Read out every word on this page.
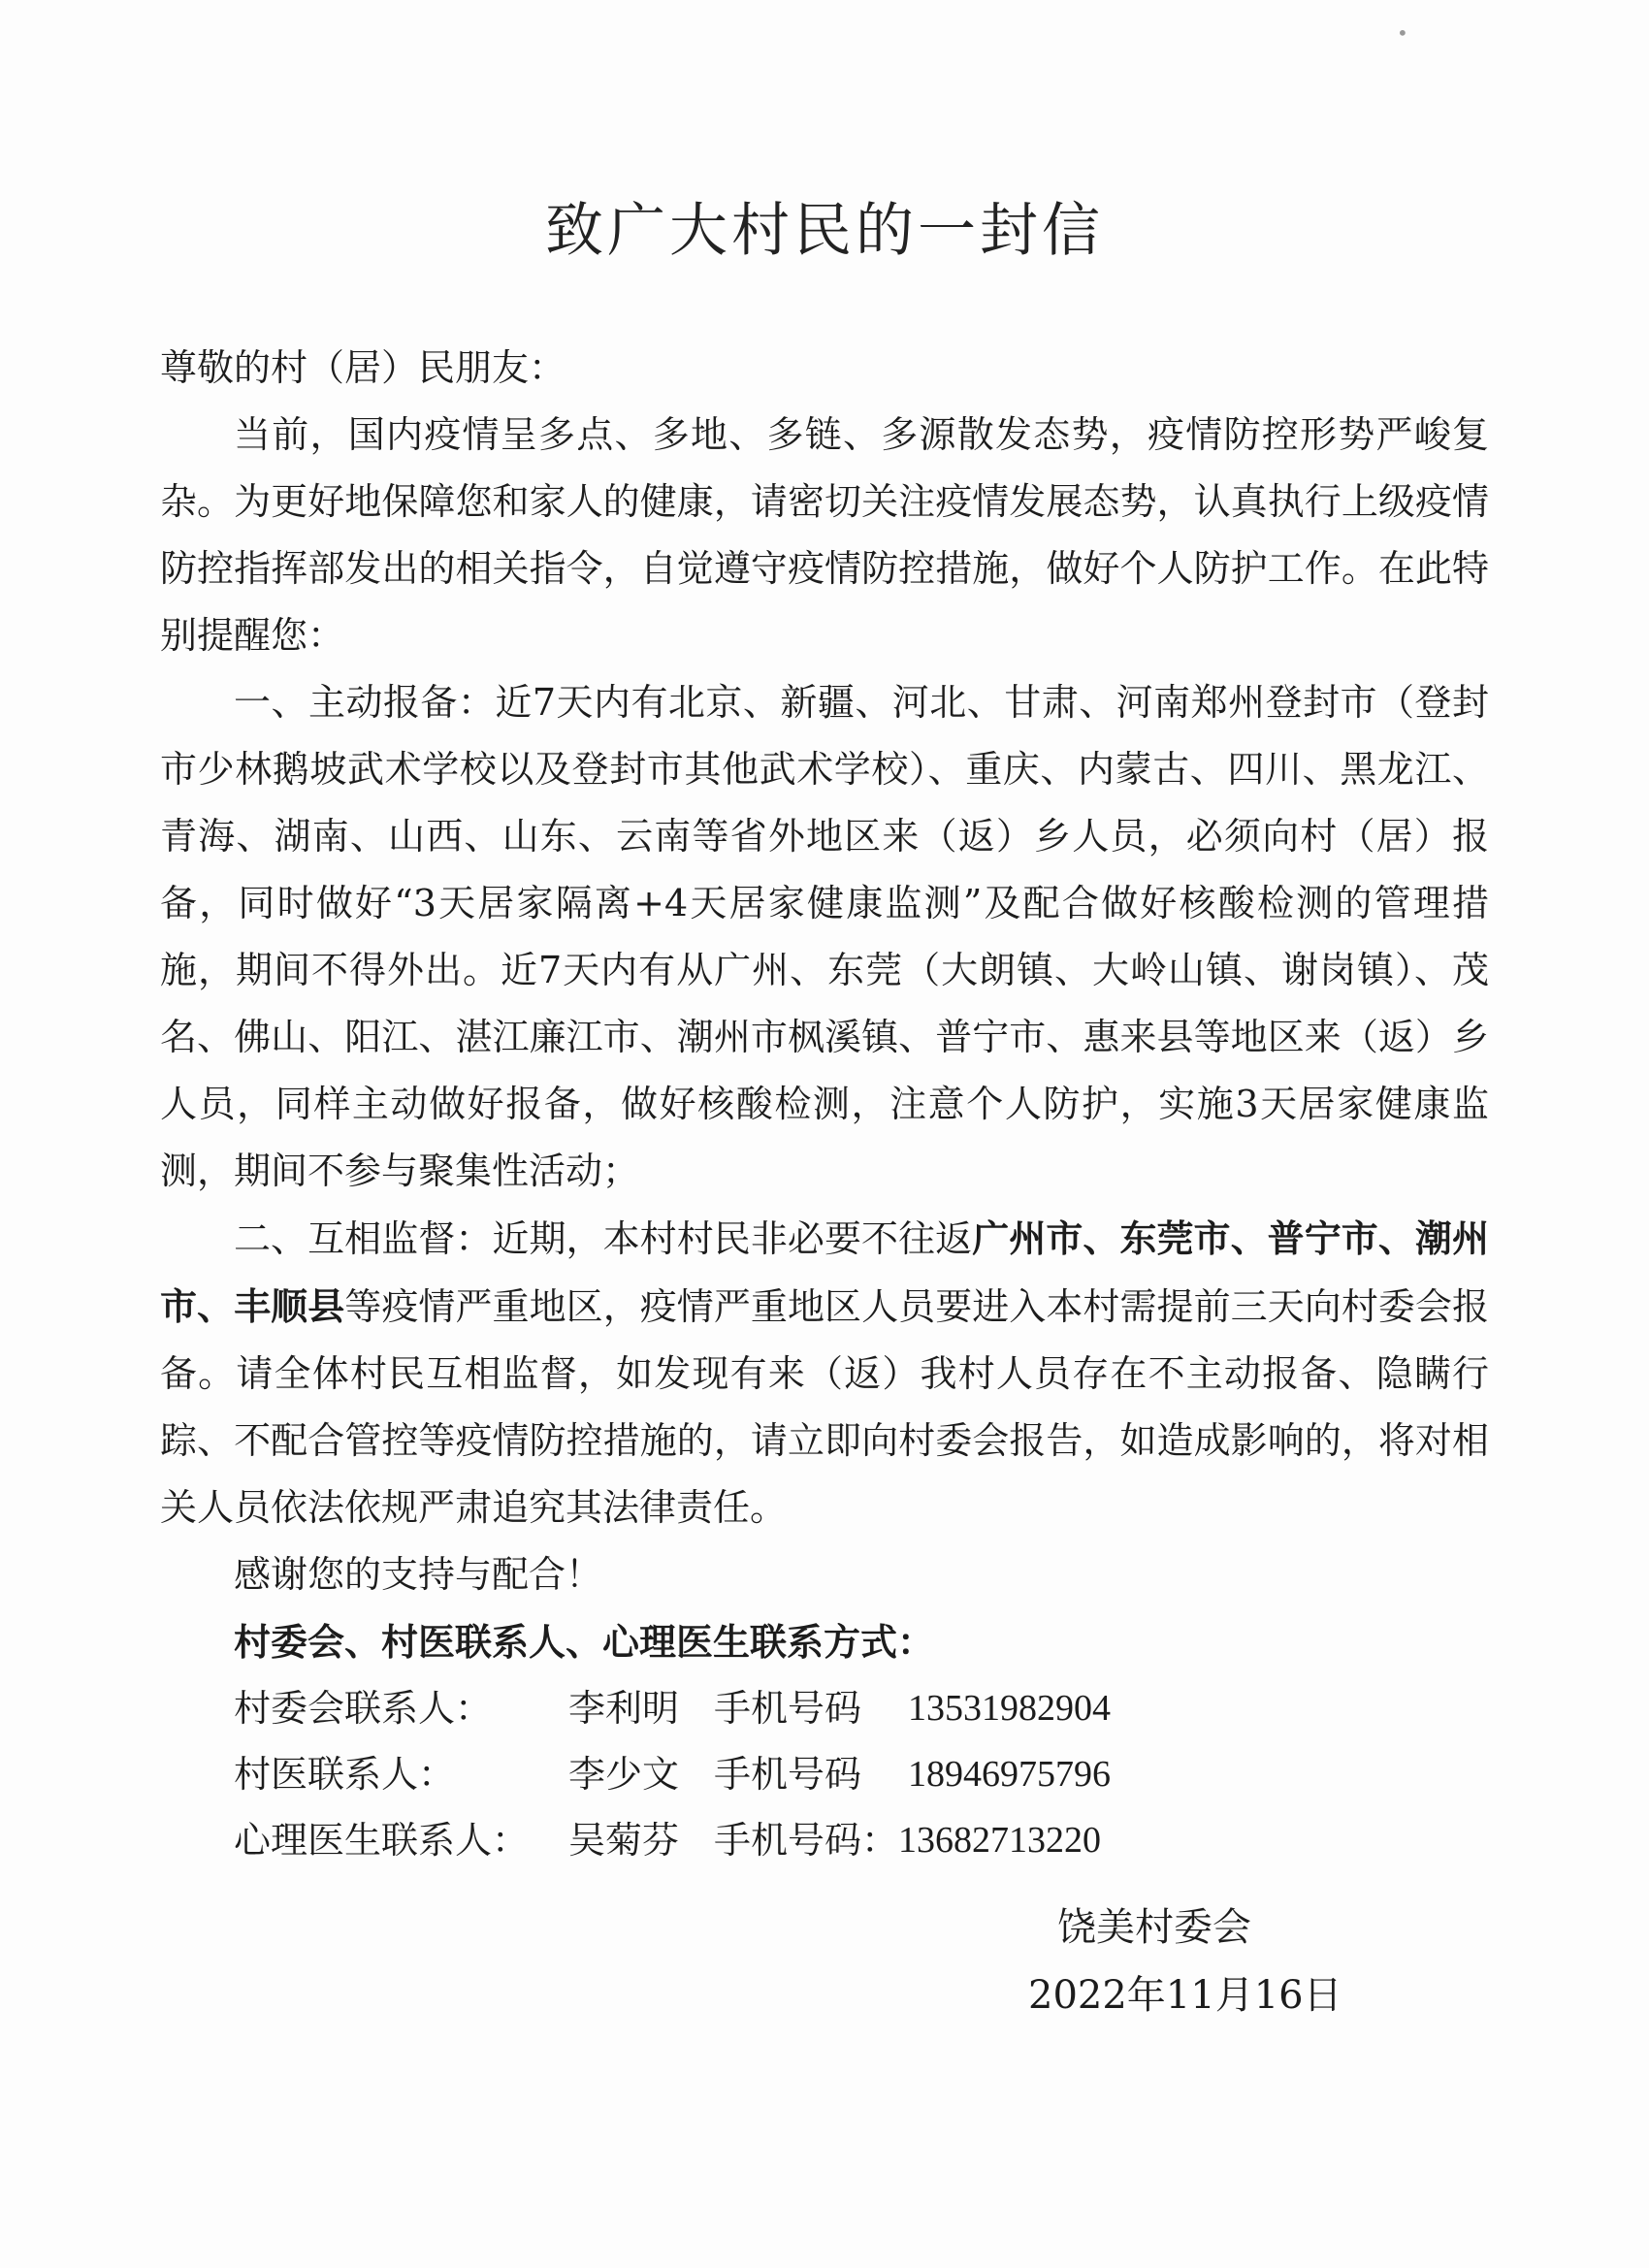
•
致广大村民的一封信

尊敬的村（居）民朋友：

当前，国内疫情呈多点、多地、多链、多源散发态势，疫情防控形势严峻复杂。为更好地保障您和家人的健康，请密切关注疫情发展态势，认真执行上级疫情防控指挥部发出的相关指令，自觉遵守疫情防控措施，做好个人防护工作。在此特别提醒您：

一、主动报备：近7天内有北京、新疆、河北、甘肃、河南郑州登封市（登封市少林鹅坡武术学校以及登封市其他武术学校）、重庆、内蒙古、四川、黑龙江、青海、湖南、山西、山东、云南等省外地区来（返）乡人员，必须向村（居）报备，同时做好“3天居家隔离+4天居家健康监测”及配合做好核酸检测的管理措施，期间不得外出。近7天内有从广州、东莞（大朗镇、大岭山镇、谢岗镇）、茂名、佛山、阳江、湛江廉江市、潮州市枫溪镇、普宁市、惠来县等地区来（返）乡人员，同样主动做好报备，做好核酸检测，注意个人防护，实施3天居家健康监测，期间不参与聚集性活动；

二、互相监督：近期，本村村民非必要不往返广州市、东莞市、普宁市、潮州市、丰顺县等疫情严重地区，疫情严重地区人员要进入本村需提前三天向村委会报备。请全体村民互相监督，如发现有来（返）我村人员存在不主动报备、隐瞒行踪、不配合管控等疫情防控措施的，请立即向村委会报告，如造成影响的，将对相关人员依法依规严肃追究其法律责任。

感谢您的支持与配合！

村委会、村医联系人、心理医生联系方式：

村委会联系人：	李利明 手机号码	13531982904
村医联系人：	李少文 手机号码	18946975796
心理医生联系人：	吴菊芬 手机号码： 13682713220
饶美村委会
2022年11月16日
